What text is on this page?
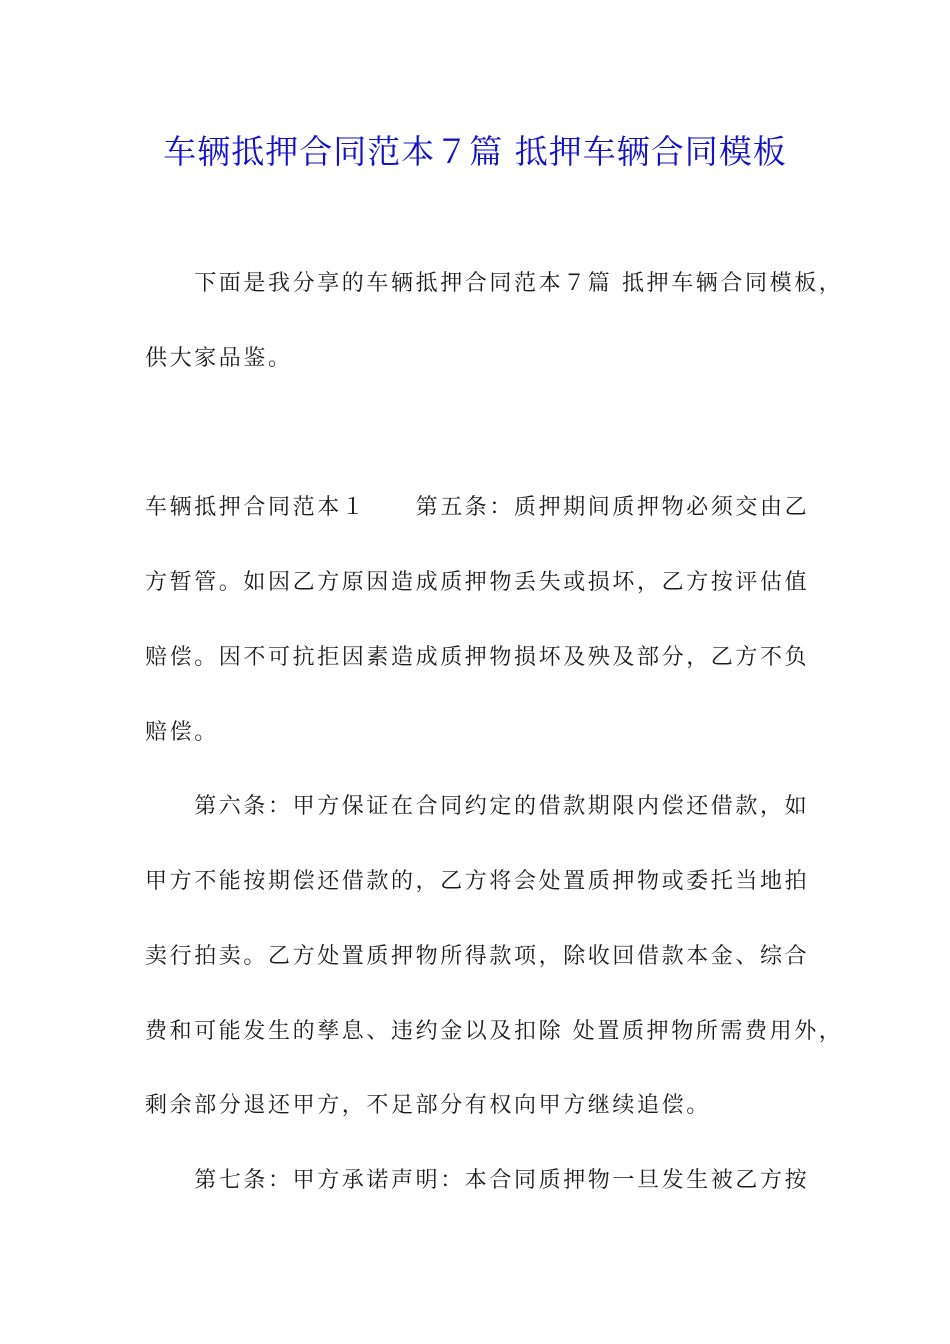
车辆抵押合同范本７篇 抵押车辆合同模板
　　下面是我分享的车辆抵押合同范本７篇 抵押车辆合同模板，
供大家品鉴。
车辆抵押合同范本１　　第五条：质押期间质押物必须交由乙
方暂管。如因乙方原因造成质押物丢失或损坏，乙方按评估值
赔偿。因不可抗拒因素造成质押物损坏及殃及部分，乙方不负
赔偿。
　　第六条：甲方保证在合同约定的借款期限内偿还借款，如
甲方不能按期偿还借款的，乙方将会处置质押物或委托当地拍
卖行拍卖。乙方处置质押物所得款项，除收回借款本金、综合
费和可能发生的孳息、违约金以及扣除 处置质押物所需费用外，
剩余部分退还甲方，不足部分有权向甲方继续追偿。
　　第七条：甲方承诺声明：本合同质押物一旦发生被乙方按
